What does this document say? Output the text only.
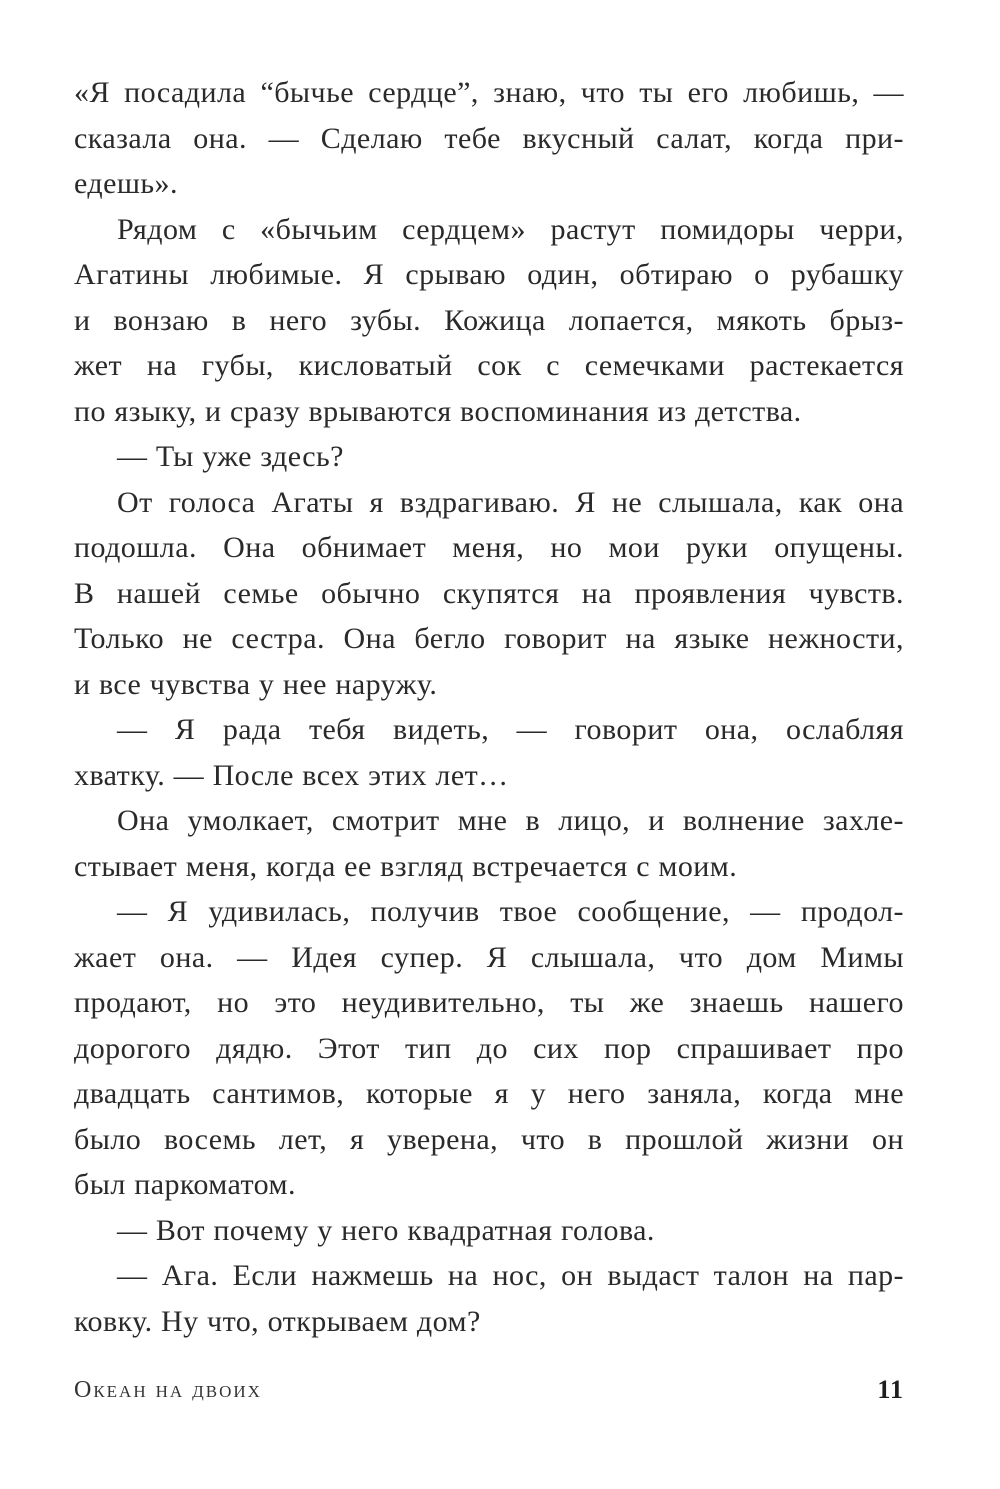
«Я посадила “бычье сердце”, знаю, что ты его любишь, —
сказала она. — Сделаю тебе вкусный салат, когда при-
едешь».

Рядом с «бычьим сердцем» растут помидоры черри,
Агатины любимые. Я срываю один, обтираю о рубашку
и вонзаю в него зубы. Кожица лопается, мякоть брыз-
жет на губы, кисловатый сок с семечками растекается
по языку, и сразу врываются воспоминания из детства.

— Ты уже здесь?

От голоса Агаты я вздрагиваю. Я не слышала, как она
подошла. Она обнимает меня, но мои руки опущены.
В нашей семье обычно скупятся на проявления чувств.
Только не сестра. Она бегло говорит на языке нежности,
и все чувства у нее наружу.

— Я рада тебя видеть, — говорит она, ослабляя
хватку. — После всех этих лет…

Она умолкает, смотрит мне в лицо, и волнение захле-
стывает меня, когда ее взгляд встречается с моим.

— Я удивилась, получив твое сообщение, — продол-
жает она. — Идея супер. Я слышала, что дом Мимы
продают, но это неудивительно, ты же знаешь нашего
дорогого дядю. Этот тип до сих пор спрашивает про
двадцать сантимов, которые я у него заняла, когда мне
было восемь лет, я уверена, что в прошлой жизни он
был паркоматом.

— Вот почему у него квадратная голова.

— Ага. Если нажмешь на нос, он выдаст талон на пар-
ковку. Ну что, открываем дом?

Океан на двоих	11
